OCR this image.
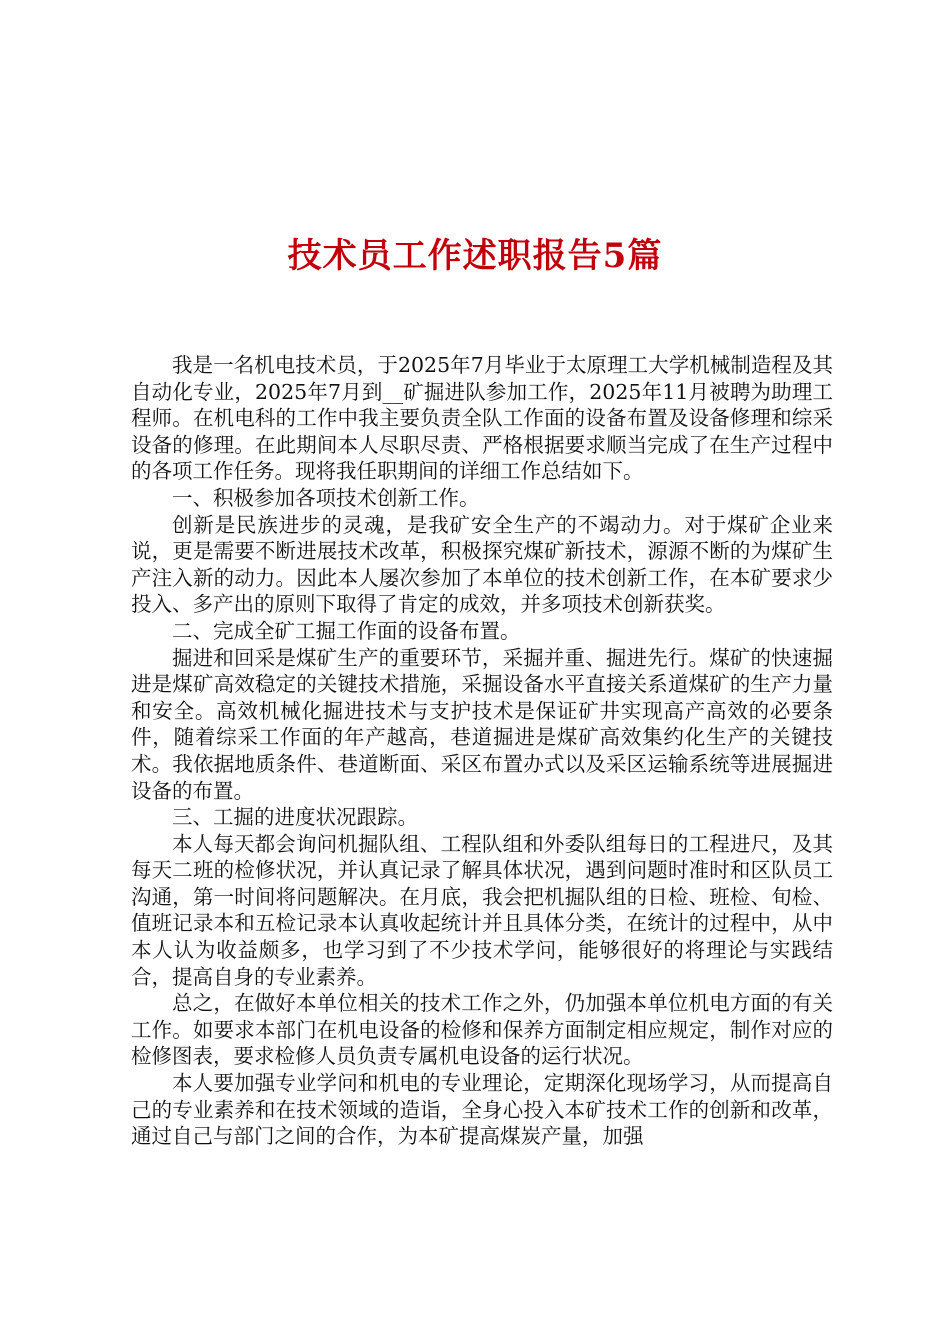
技术员工作述职报告5篇

我是一名机电技术员，于2025年7月毕业于太原理工大学机械制造程及其自动化专业，2025年7月到__矿掘进队参加工作，2025年11月被聘为助理工程师。在机电科的工作中我主要负责全队工作面的设备布置及设备修理和综采设备的修理。在此期间本人尽职尽责、严格根据要求顺当完成了在生产过程中的各项工作任务。现将我任职期间的详细工作总结如下。

一、积极参加各项技术创新工作。

创新是民族进步的灵魂，是我矿安全生产的不竭动力。对于煤矿企业来说，更是需要不断进展技术改革，积极探究煤矿新技术，源源不断的为煤矿生产注入新的动力。因此本人屡次参加了本单位的技术创新工作，在本矿要求少投入、多产出的原则下取得了肯定的成效，并多项技术创新获奖。

二、完成全矿工掘工作面的设备布置。

掘进和回采是煤矿生产的重要环节，采掘并重、掘进先行。煤矿的快速掘进是煤矿高效稳定的关键技术措施，采掘设备水平直接关系道煤矿的生产力量和安全。高效机械化掘进技术与支护技术是保证矿井实现高产高效的必要条件，随着综采工作面的年产越高，巷道掘进是煤矿高效集约化生产的关键技术。我依据地质条件、巷道断面、采区布置办式以及采区运输系统等进展掘进设备的布置。

三、工掘的进度状况跟踪。

本人每天都会询问机掘队组、工程队组和外委队组每日的工程进尺，及其每天二班的检修状况，并认真记录了解具体状况，遇到问题时准时和区队员工沟通，第一时间将问题解决。在月底，我会把机掘队组的日检、班检、旬检、值班记录本和五检记录本认真收起统计并且具体分类，在统计的过程中，从中本人认为收益颇多，也学习到了不少技术学问，能够很好的将理论与实践结合，提高自身的专业素养。

总之，在做好本单位相关的技术工作之外，仍加强本单位机电方面的有关工作。如要求本部门在机电设备的检修和保养方面制定相应规定，制作对应的检修图表，要求检修人员负责专属机电设备的运行状况。

本人要加强专业学问和机电的专业理论，定期深化现场学习，从而提高自己的专业素养和在技术领域的造诣，全身心投入本矿技术工作的创新和改革，通过自己与部门之间的合作，为本矿提高煤炭产量，加强
